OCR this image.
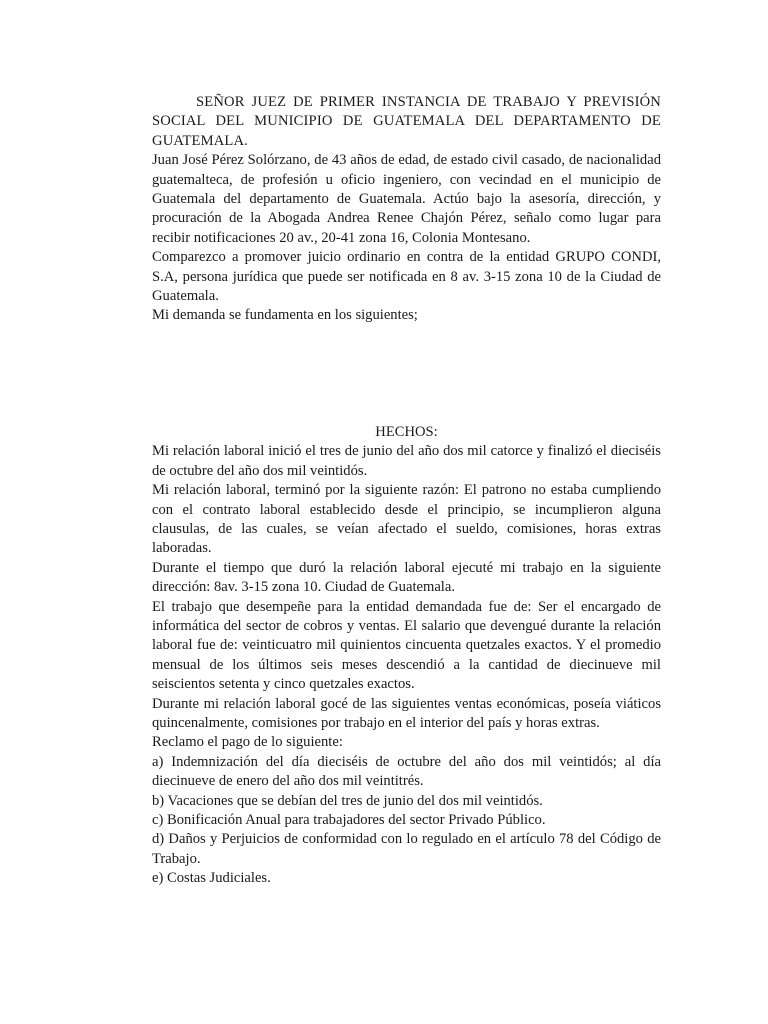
SEÑOR JUEZ DE PRIMER INSTANCIA DE TRABAJO Y PREVISIÓN SOCIAL DEL MUNICIPIO DE GUATEMALA DEL DEPARTAMENTO DE GUATEMALA.

Juan José Pérez Solórzano, de 43 años de edad, de estado civil casado, de nacionalidad guatemalteca, de profesión u oficio ingeniero, con vecindad en el municipio de Guatemala del departamento de Guatemala. Actúo bajo la asesoría, dirección, y procuración de la Abogada Andrea Renee Chajón Pérez, señalo como lugar para recibir notificaciones 20 av., 20-41 zona 16, Colonia Montesano.

Comparezco a promover juicio ordinario en contra de la entidad GRUPO CONDI, S.A, persona jurídica que puede ser notificada en 8 av. 3-15 zona 10 de la Ciudad de Guatemala.

Mi demanda se fundamenta en los siguientes;

HECHOS:

Mi relación laboral inició el tres de junio del año dos mil catorce y finalizó el dieciséis de octubre del año dos mil veintidós.

Mi relación laboral, terminó por la siguiente razón: El patrono no estaba cumpliendo con el contrato laboral establecido desde el principio, se incumplieron alguna clausulas, de las cuales, se veían afectado el sueldo, comisiones, horas extras laboradas.

Durante el tiempo que duró la relación laboral ejecuté mi trabajo en la siguiente dirección: 8av. 3-15 zona 10. Ciudad de Guatemala.

El trabajo que desempeñe para la entidad demandada fue de: Ser el encargado de informática del sector de cobros y ventas. El salario que devengué durante la relación laboral fue de: veinticuatro mil quinientos cincuenta quetzales exactos. Y el promedio mensual de los últimos seis meses descendió a la cantidad de diecinueve mil seiscientos setenta y cinco quetzales exactos.

Durante mi relación laboral gocé de las siguientes ventas económicas, poseía viáticos quincenalmente, comisiones por trabajo en el interior del país y horas extras.

Reclamo el pago de lo siguiente:

a) Indemnización del día dieciséis de octubre del año dos mil veintidós; al día diecinueve de enero del año dos mil veintitrés.

b) Vacaciones que se debían del tres de junio del dos mil veintidós.

c) Bonificación Anual para trabajadores del sector Privado Público.

d) Daños y Perjuicios de conformidad con lo regulado en el artículo 78 del Código de Trabajo.

e) Costas Judiciales.
